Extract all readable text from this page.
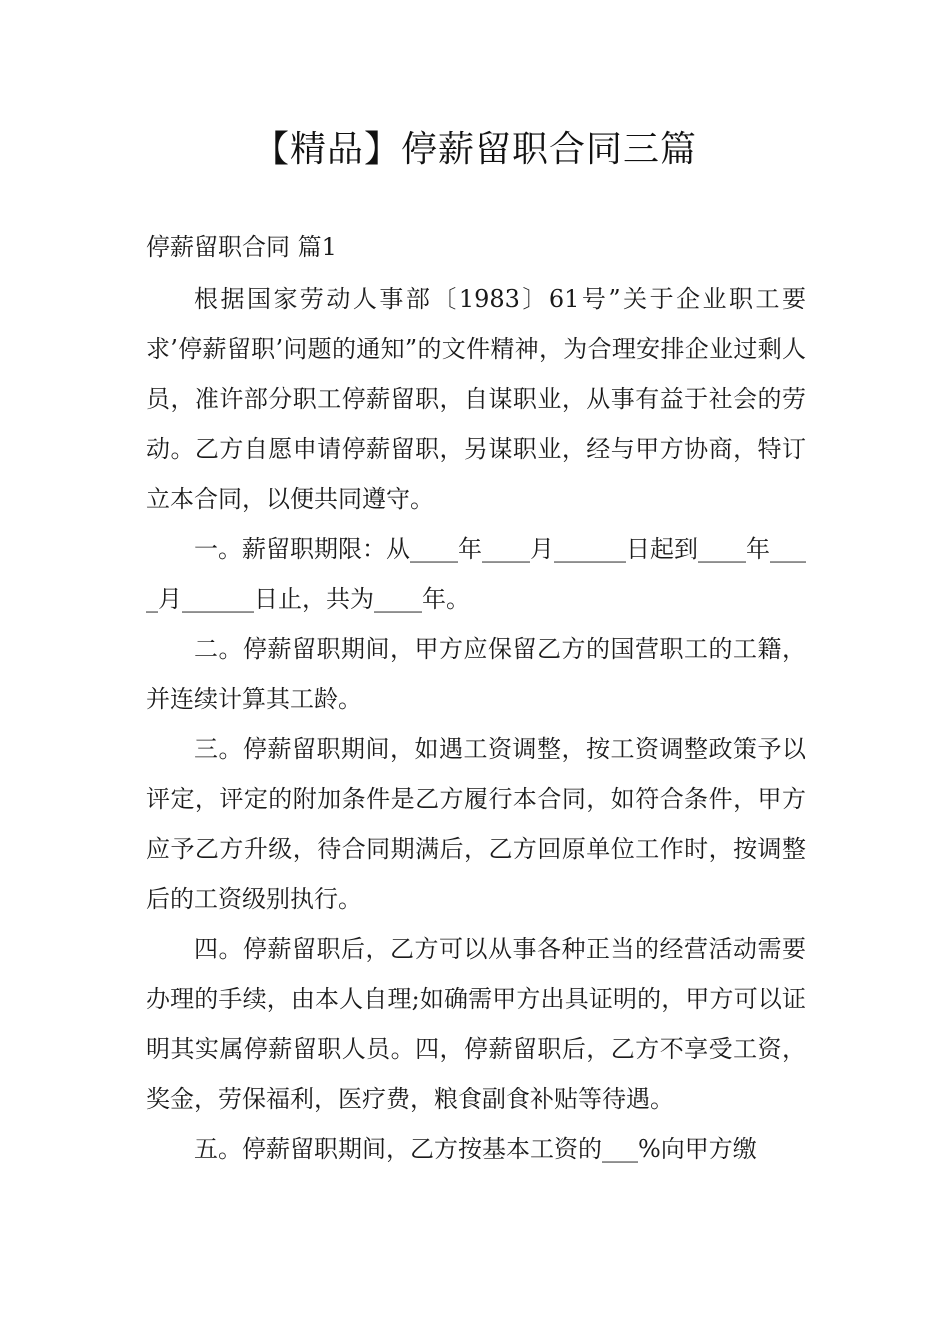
【精品】停薪留职合同三篇
停薪留职合同 篇1

根据国家劳动人事部〔1983〕61号”关于企业职工要求’停薪留职’问题的通知”的文件精神，为合理安排企业过剩人员，准许部分职工停薪留职，自谋职业，从事有益于社会的劳动。乙方自愿申请停薪留职，另谋职业，经与甲方协商，特订立本合同，以便共同遵守。

一。薪留职期限：从____年____月______日起到____年____月______日止，共为____年。

二。停薪留职期间，甲方应保留乙方的国营职工的工籍，并连续计算其工龄。

三。停薪留职期间，如遇工资调整，按工资调整政策予以评定，评定的附加条件是乙方履行本合同，如符合条件，甲方应予乙方升级，待合同期满后，乙方回原单位工作时，按调整后的工资级别执行。

四。停薪留职后，乙方可以从事各种正当的经营活动需要办理的手续，由本人自理;如确需甲方出具证明的，甲方可以证明其实属停薪留职人员。四，停薪留职后，乙方不享受工资，奖金，劳保福利，医疗费，粮食副食补贴等待遇。

五。停薪留职期间，乙方按基本工资的___%向甲方缴
